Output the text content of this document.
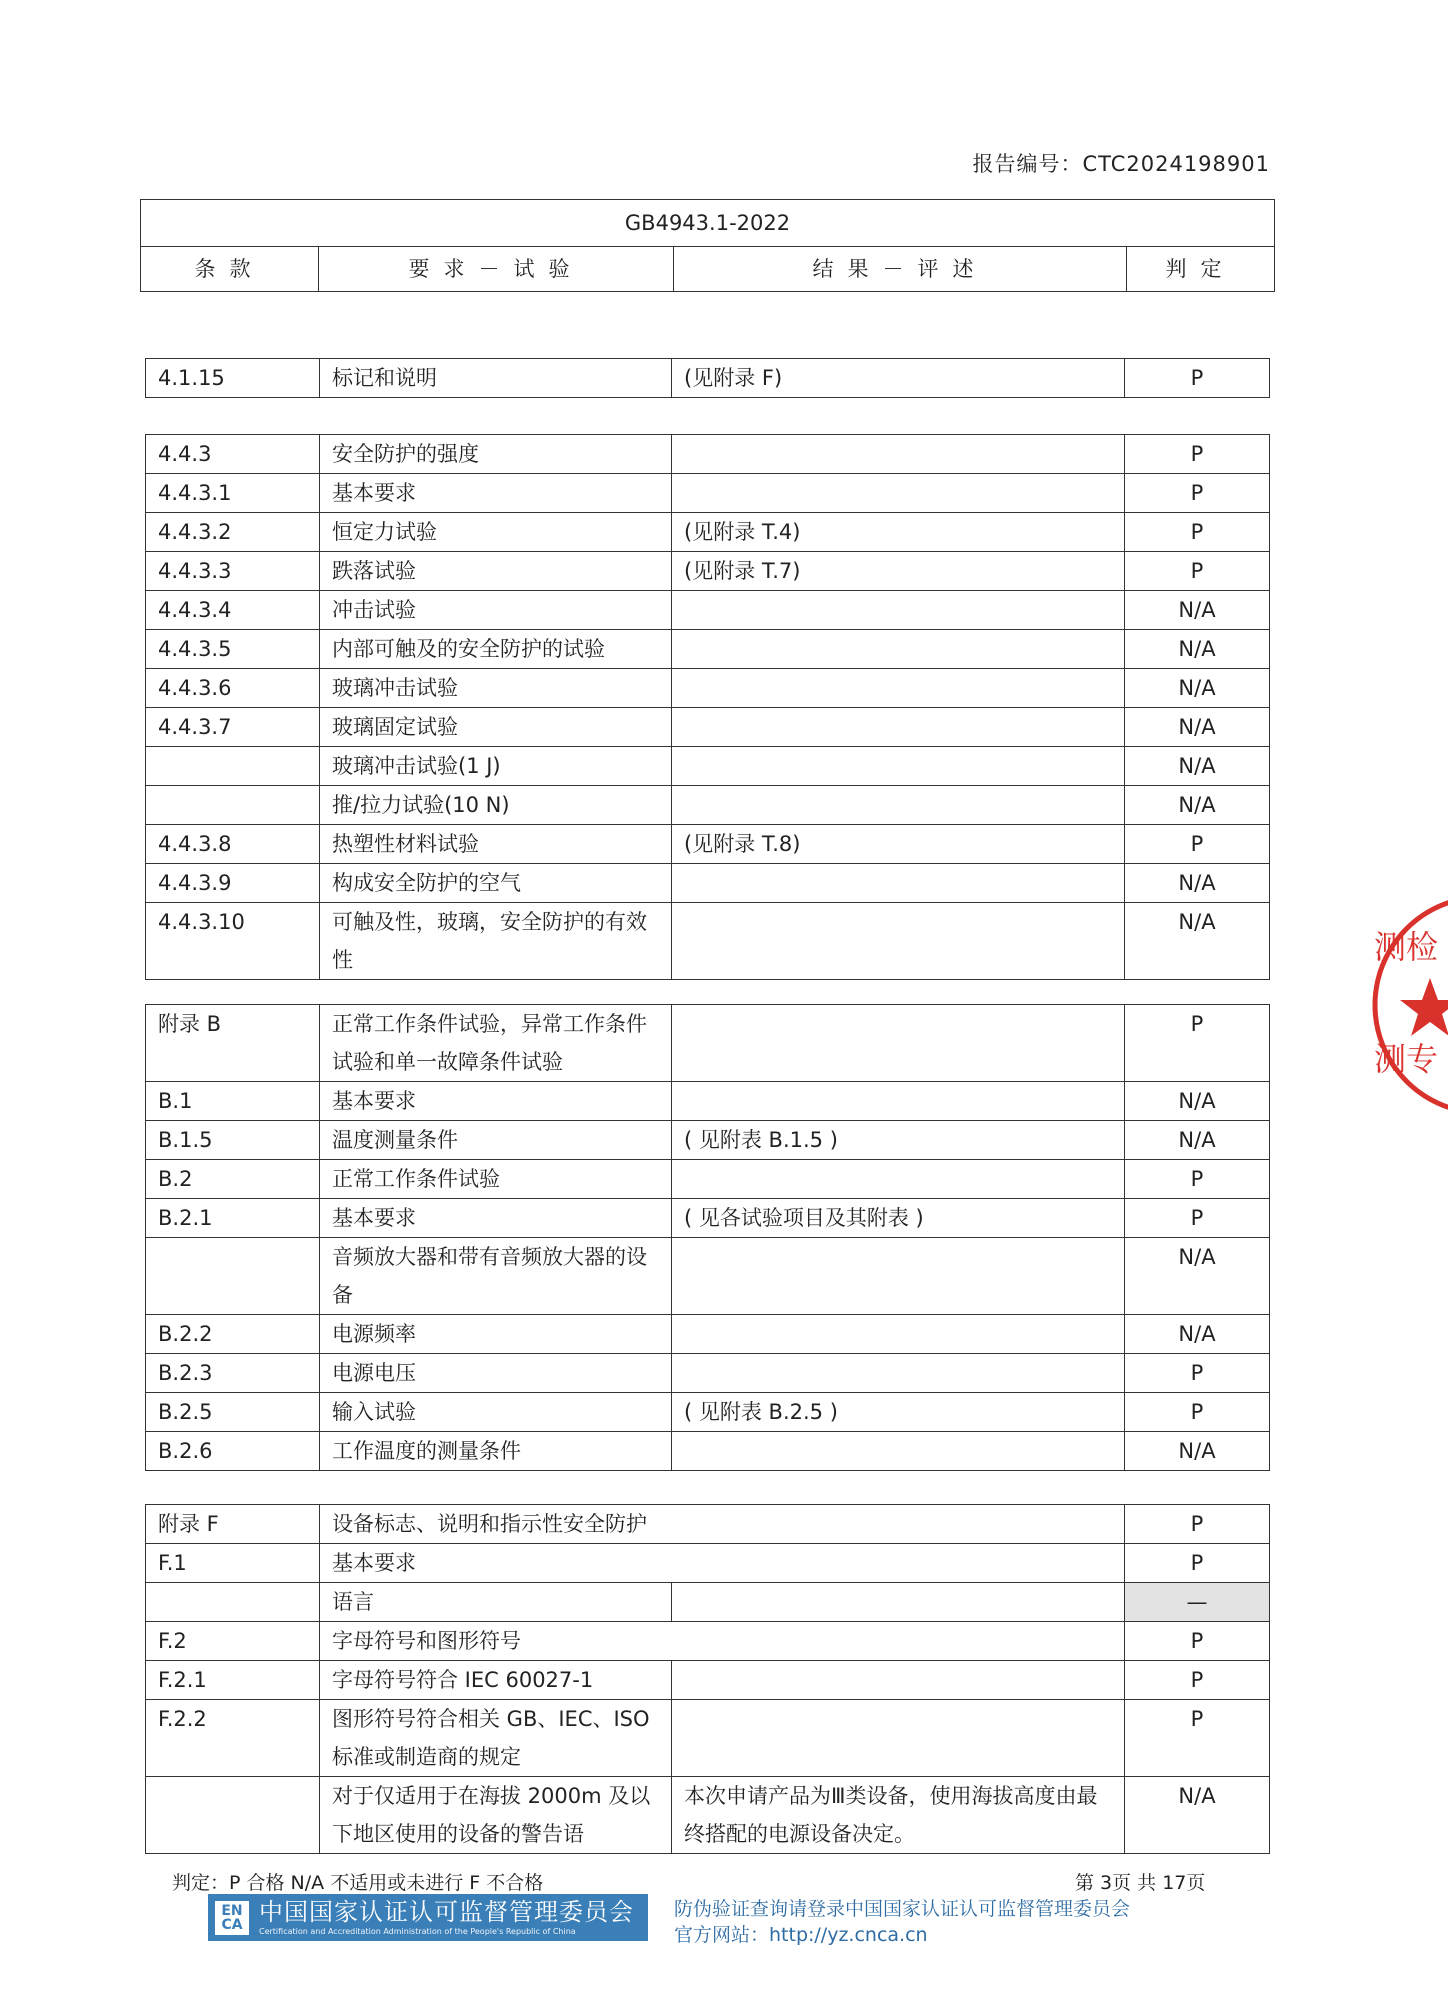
报告编号：CTC2024198901
GB4943.1-2022
条款	要求－试验	结果－评述	判定
4.1.15	标记和说明	(见附录 F)	P
4.4.3	安全防护的强度		P
4.4.3.1	基本要求		P
4.4.3.2	恒定力试验	(见附录 T.4)	P
4.4.3.3	跌落试验	(见附录 T.7)	P
4.4.3.4	冲击试验		N/A
4.4.3.5	内部可触及的安全防护的试验		N/A
4.4.3.6	玻璃冲击试验		N/A
4.4.3.7	玻璃固定试验		N/A
	玻璃冲击试验(1 J)		N/A
	推/拉力试验(10 N)		N/A
4.4.3.8	热塑性材料试验	(见附录 T.8)	P
4.4.3.9	构成安全防护的空气		N/A
4.4.3.10	可触及性，玻璃，安全防护的有效性		N/A
附录 B	正常工作条件试验，异常工作条件试验和单一故障条件试验		P
B.1	基本要求		N/A
B.1.5	温度测量条件	( 见附表 B.1.5 )	N/A
B.2	正常工作条件试验		P
B.2.1	基本要求	( 见各试验项目及其附表 )	P
	音频放大器和带有音频放大器的设备		N/A
B.2.2	电源频率		N/A
B.2.3	电源电压		P
B.2.5	输入试验	( 见附表 B.2.5 )	P
B.2.6	工作温度的测量条件		N/A
附录 F	设备标志、说明和指示性安全防护		P
F.1	基本要求		P
	语言		—
F.2	字母符号和图形符号		P
F.2.1	字母符号符合 IEC 60027-1		P
F.2.2	图形符号符合相关 GB、IEC、ISO 标准或制造商的规定		P
	对于仅适用于在海拔 2000m 及以下地区使用的设备的警告语	本次申请产品为Ⅲ类设备，使用海拔高度由最终搭配的电源设备决定。	N/A
测检
测专
判定：P 合格 N/A 不适用或未进行 F 不合格	第 3页 共 17页
EN CA 中国国家认证认可监督管理委员会
Certification and Accreditation Administration of the People's Republic of China
防伪验证查询请登录中国国家认证认可监督管理委员会
官方网站：http://yz.cnca.cn
